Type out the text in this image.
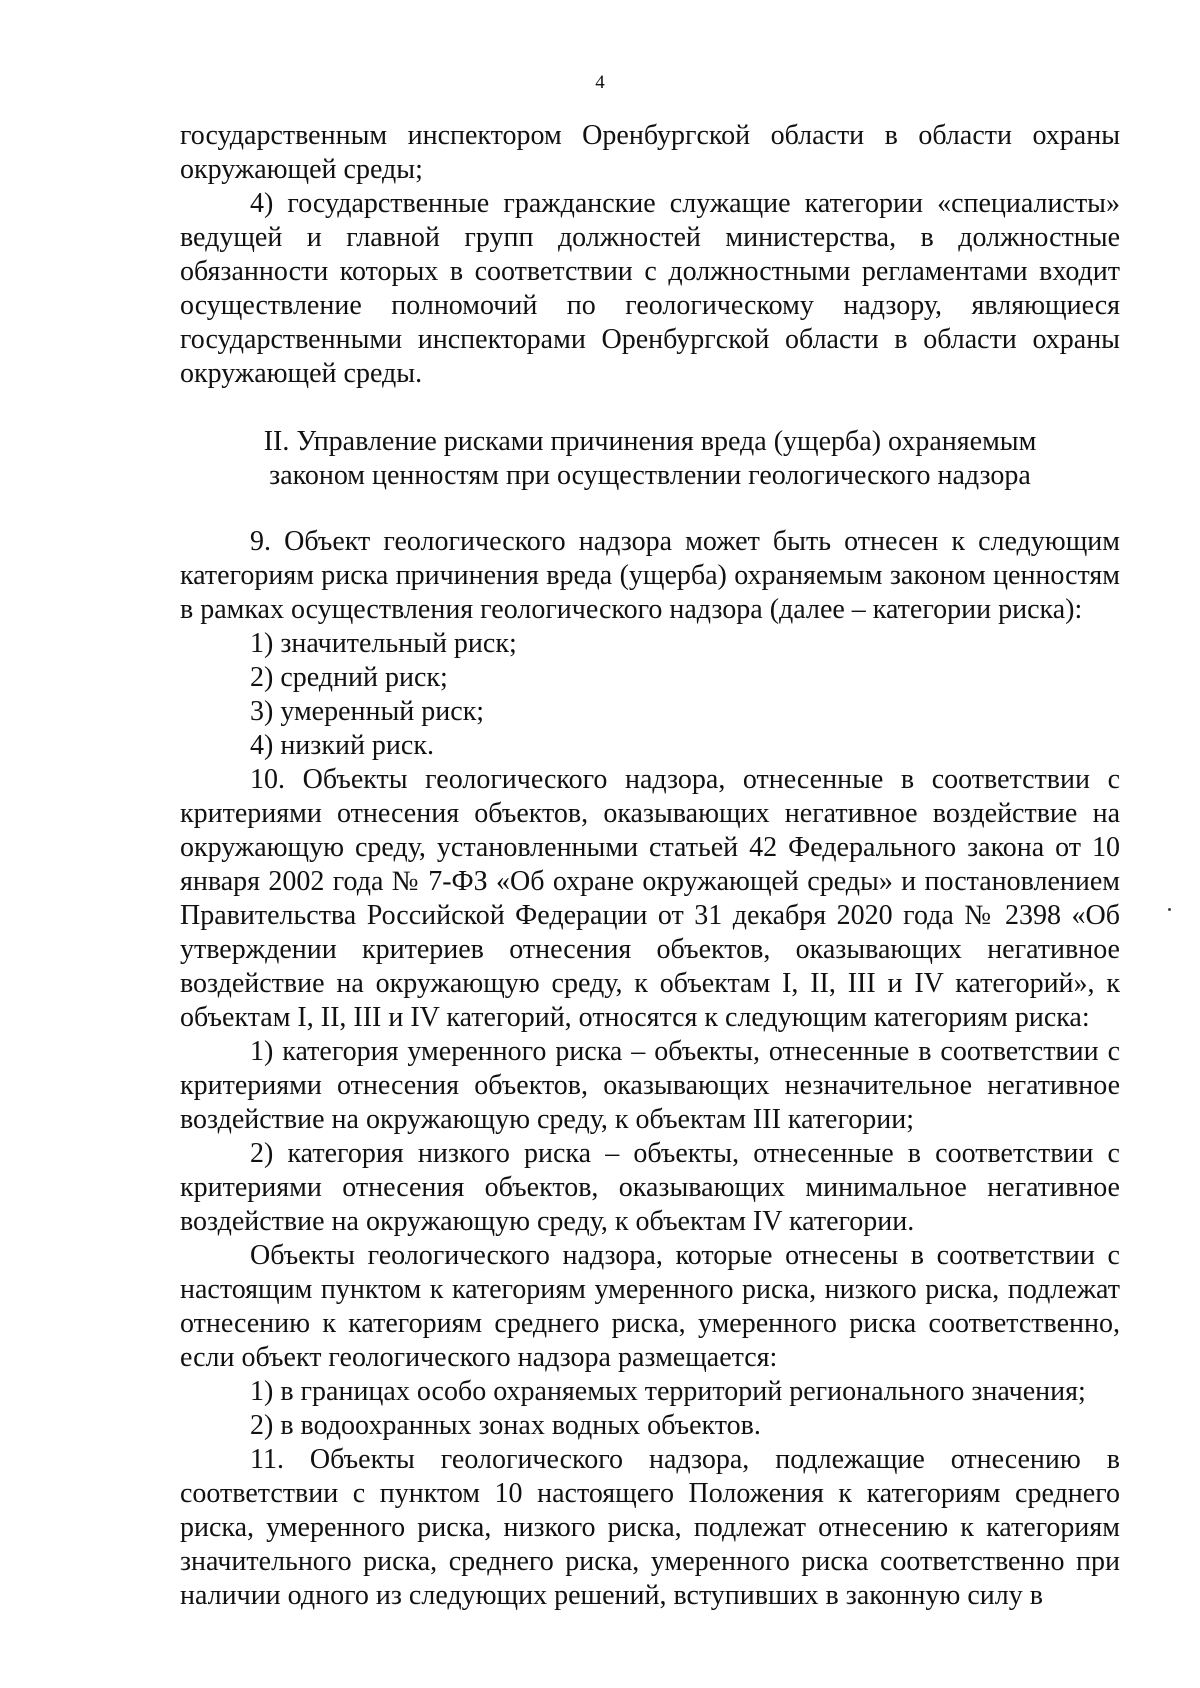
4

государственным инспектором Оренбургской области в области охраны окружающей среды;

4) государственные гражданские служащие категории «специалисты» ведущей и главной групп должностей министерства, в должностные обязанности которых в соответствии с должностными регламентами входит осуществление полномочий по геологическому надзору, являющиеся государственными инспекторами Оренбургской области в области охраны окружающей среды.

II. Управление рисками причинения вреда (ущерба) охраняемым
законом ценностям при осуществлении геологического надзора

9. Объект геологического надзора может быть отнесен к следующим категориям риска причинения вреда (ущерба) охраняемым законом ценностям в рамках осуществления геологического надзора (далее – категории риска):

1) значительный риск;

2) средний риск;

3) умеренный риск;

4) низкий риск.

10. Объекты геологического надзора, отнесенные в соответствии с критериями отнесения объектов, оказывающих негативное воздействие на окружающую среду, установленными статьей 42 Федерального закона от 10 января 2002 года № 7-ФЗ «Об охране окружающей среды» и постановлением Правительства Российской Федерации от 31 декабря 2020 года № 2398 «Об утверждении критериев отнесения объектов, оказывающих негативное воздействие на окружающую среду, к объектам I, II, III и IV категорий», к объектам I, II, III и IV категорий, относятся к следующим категориям риска:

1) категория умеренного риска – объекты, отнесенные в соответствии с критериями отнесения объектов, оказывающих незначительное негативное воздействие на окружающую среду, к объектам III категории;

2) категория низкого риска – объекты, отнесенные в соответствии с критериями отнесения объектов, оказывающих минимальное негативное воздействие на окружающую среду, к объектам IV категории.

Объекты геологического надзора, которые отнесены в соответствии с настоящим пунктом к категориям умеренного риска, низкого риска, подлежат отнесению к категориям среднего риска, умеренного риска соответственно, если объект геологического надзора размещается:

1) в границах особо охраняемых территорий регионального значения;

2) в водоохранных зонах водных объектов.

11. Объекты геологического надзора, подлежащие отнесению в соответствии с пунктом 10 настоящего Положения к категориям среднего риска, умеренного риска, низкого риска, подлежат отнесению к категориям значительного риска, среднего риска, умеренного риска соответственно при наличии одного из следующих решений, вступивших в законную силу в
